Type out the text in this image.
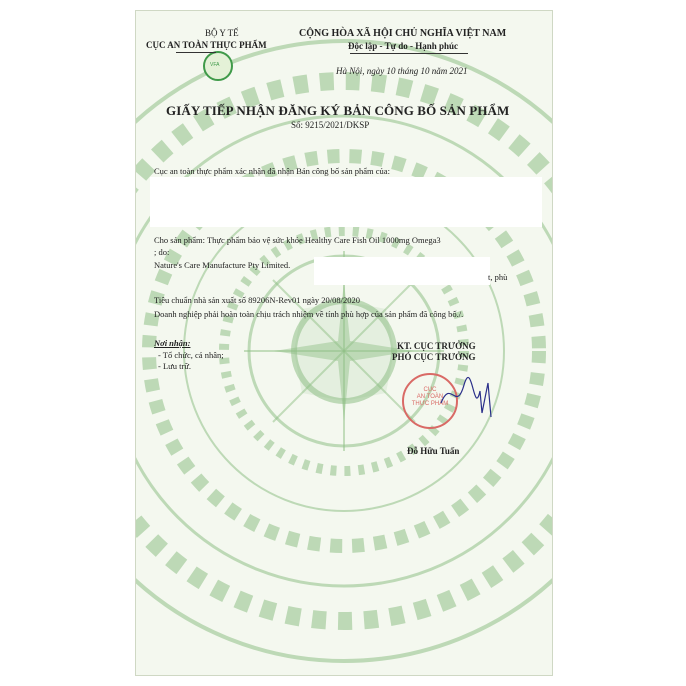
VFA
BỘ Y TẾ
CỤC AN TOÀN THỰC PHẨM
CỘNG HÒA XÃ HỘI CHỦ NGHĨA VIỆT NAM
Độc lập - Tự do - Hạnh phúc
Hà Nội, ngày 10 tháng 10 năm 2021
GIẤY TIẾP NHẬN ĐĂNG KÝ BẢN CÔNG BỐ SẢN PHẨM
Số: 9215/2021/DKSP
Cục an toàn thực phẩm xác nhận đã nhận Bản công bố sản phẩm của:
Cho sản phẩm: Thực phẩm bảo vệ sức khỏe Healthy Care Fish Oil 1000mg Omega3
; do:
Nature's Care Manufacture Pty Limited.
t, phù
Tiêu chuẩn nhà sản xuất số 89206N-Rev01 ngày 20/08/2020
Doanh nghiệp phải hoàn toàn chịu trách nhiệm về tính phù hợp của sản phẩm đã công bố./.
Nơi nhận:
- Tổ chức, cá nhân;
- Lưu trữ.
KT. CỤC TRƯỞNG
PHÓ CỤC TRƯỞNG
CỤC
AN TOÀN
THỰC PHẨM
Đỗ Hữu Tuấn
